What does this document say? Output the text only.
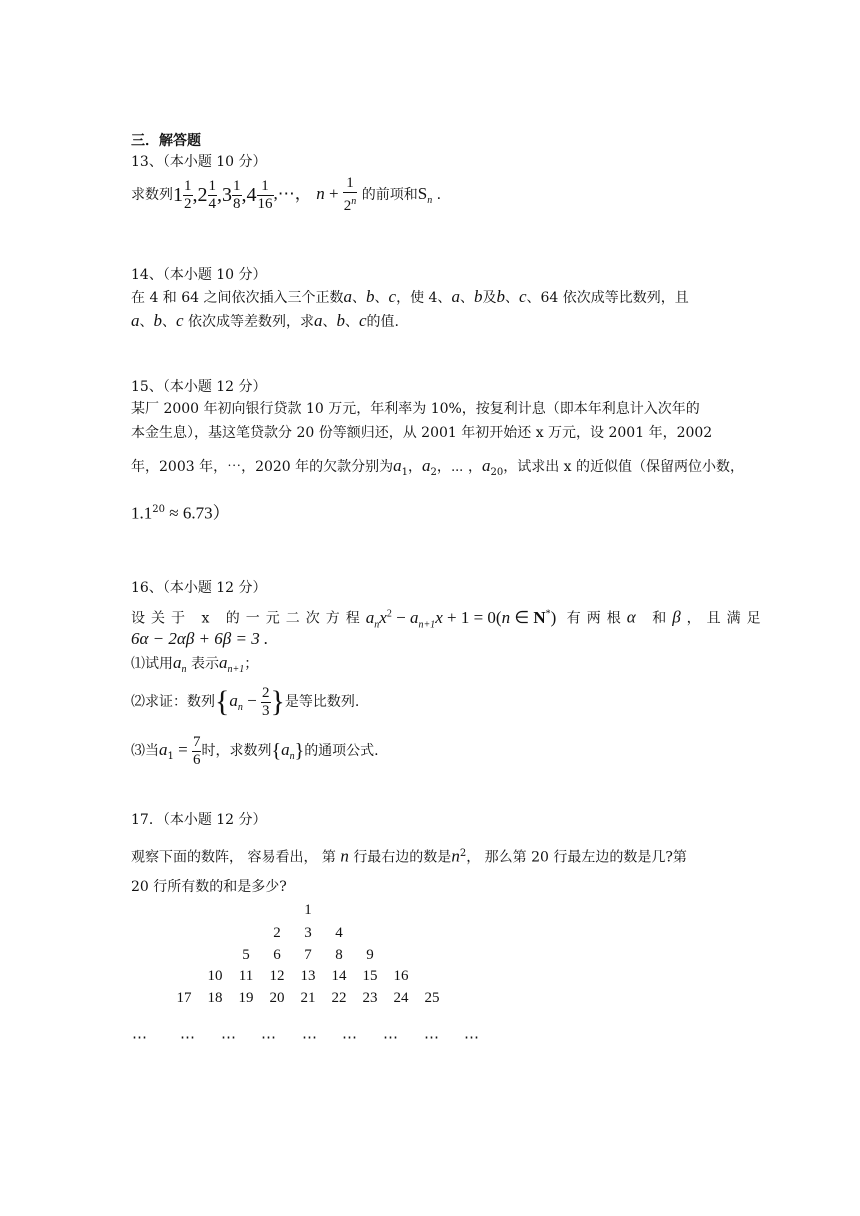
三．解答题
13、（本小题 10 分）
求数列$1 \frac{1}{2} ,2 \frac{1}{4} ,3 \frac{1}{8} ,4 \frac{1}{16}$ ,⋯， $n + \frac{1}{2^n}$ 的前项和$S_n$ .
14、（本小题 10 分）
在 4 和 64 之间依次插入三个正数a、b、c，使 4、a、b及b、c、64 依次成等比数列，且
a、b、c 依次成等差数列，求a、b、c的值.
15、（本小题 12 分）
某厂 2000 年初向银行贷款 10 万元，年利率为 10%，按复利计息（即本年利息计入次年的
本金生息），基这笔贷款分 20 份等额归还，从 2001 年初开始还 x 万元，设 2001 年，2002
年，2003 年，⋯，2020 年的欠款分别为$a_1$，$a_2$，⋯ ，$a_{20}$，试求出 x 的近似值（保留两位小数，
$1.1^{20} \approx 6.73$）
16、（本小题 12 分）
设关于 x 的一元二次方程$a_nx^2 - a_{n+1}x + 1 = 0(n$ ∈ N*) 有两根α 和β，且满足
6α − 2αβ + 6β = 3 .
⑴试用$a_n$ 表示$a_{n+1}$；
⑵求证：数列{$a_n - \frac{2}{3}$ }是等比数列.
⑶当$a_1 = \frac{7}{6}$ 时，求数列$\{a_n\}$的通项公式.
17．（本小题 12 分）
观察下面的数阵， 容易看出， 第 n 行最右边的数是$n^2$， 那么第 20 行最左边的数是几?第
20 行所有数的和是多少?
1
2	3	4
5	6	7	8	9
10	11	12	13	14	15	16
17	18	19	20	21	22	23	24	25
⋯ ⋯ ⋯ ⋯ ⋯ ⋯ ⋯ ⋯ ⋯
